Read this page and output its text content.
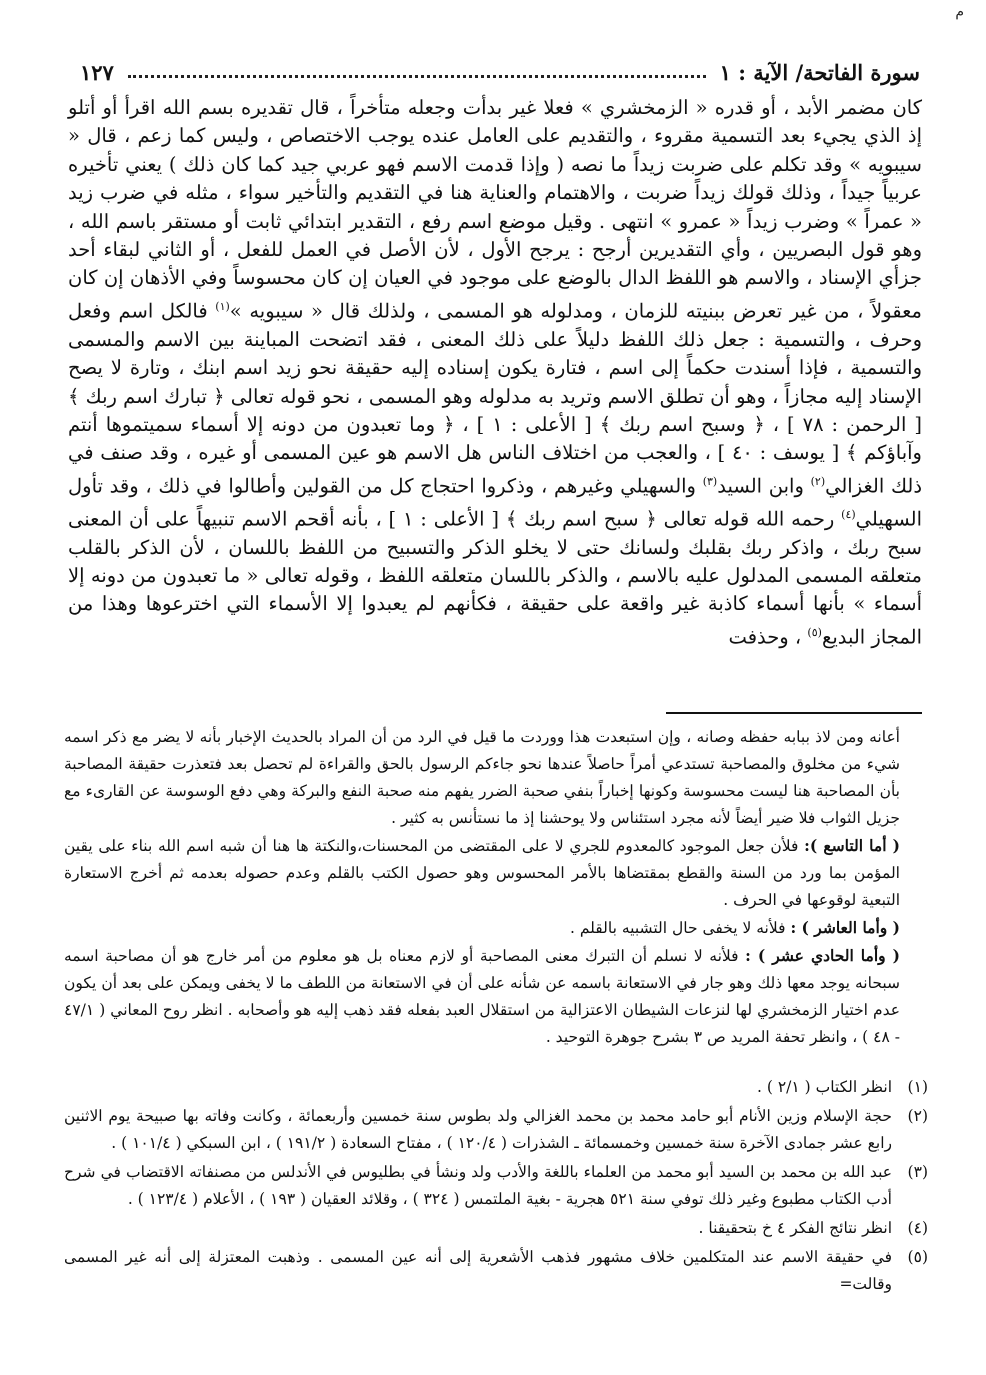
م
سورة الفاتحة/ الآية : ١
١٢٧

كان مضمر الأبد ، أو قدره « الزمخشري » فعلا غير بدأت وجعله متأخراً ، قال تقديره بسم الله اقرأ أو أتلو إذ الذي يجيء بعد التسمية مقروء ، والتقديم على العامل عنده يوجب الاختصاص ، وليس كما زعم ، قال « سيبويه » وقد تكلم على ضربت زيداً ما نصه ( وإذا قدمت الاسم فهو عربي جيد كما كان ذلك ) يعني تأخيره عربياً جيداً ، وذلك قولك زيداً ضربت ، والاهتمام والعناية هنا في التقديم والتأخير سواء ، مثله في ضرب زيد « عمراً » وضرب زيداً « عمرو » انتهى . وقيل موضع اسم رفع ، التقدير ابتدائي ثابت أو مستقر باسم الله ، وهو قول البصريين ، وأي التقديرين أرجح : يرجح الأول ، لأن الأصل في العمل للفعل ، أو الثاني لبقاء أحد جزأي الإسناد ، والاسم هو اللفظ الدال بالوضع على موجود في العيان إن كان محسوساً وفي الأذهان إن كان معقولاً ، من غير تعرض ببنيته للزمان ، ومدلوله هو المسمى ، ولذلك قال « سيبويه »$^{(١)}$ فالكل اسم وفعل وحرف ، والتسمية : جعل ذلك اللفظ دليلاً على ذلك المعنى ، فقد اتضحت المباينة بين الاسم والمسمى والتسمية ، فإذا أسندت حكماً إلى اسم ، فتارة يكون إسناده إليه حقيقة نحو زيد اسم ابنك ، وتارة لا يصح الإسناد إليه مجازاً ، وهو أن تطلق الاسم وتريد به مدلوله وهو المسمى ، نحو قوله تعالى ﴿ تبارك اسم ربك ﴾ [ الرحمن : ٧٨ ] ، ﴿ وسبح اسم ربك ﴾ [ الأعلى : ١ ] ، ﴿ وما تعبدون من دونه إلا أسماء سميتموها أنتم وآباؤكم ﴾ [ يوسف : ٤٠ ] ، والعجب من اختلاف الناس هل الاسم هو عين المسمى أو غيره ، وقد صنف في ذلك الغزالي$^{(٢)}$ وابن السيد$^{(٣)}$ والسهيلي وغيرهم ، وذكروا احتجاج كل من القولين وأطالوا في ذلك ، وقد تأول السهيلي$^{(٤)}$ رحمه الله قوله تعالى ﴿ سبح اسم ربك ﴾ [ الأعلى : ١ ] ، بأنه أقحم الاسم تنبيهاً على أن المعنى سبح ربك ، واذكر ربك بقلبك ولسانك حتى لا يخلو الذكر والتسبيح من اللفظ باللسان ، لأن الذكر بالقلب متعلقه المسمى المدلول عليه بالاسم ، والذكر باللسان متعلقه اللفظ ، وقوله تعالى « ما تعبدون من دونه إلا أسماء » بأنها أسماء كاذبة غير واقعة على حقيقة ، فكأنهم لم يعبدوا إلا الأسماء التي اخترعوها وهذا من المجاز البديع$^{(٥)}$ ، وحذفت

أعانه ومن لاذ ببابه حفظه وصانه ، وإن استبعدت هذا ووردت ما قيل في الرد من أن المراد بالحديث الإخبار بأنه لا يضر مع ذكر اسمه شيء من مخلوق والمصاحبة تستدعي أمراً حاصلاً عندها نحو جاءكم الرسول بالحق والقراءة لم تحصل بعد فتعذرت حقيقة المصاحبة بأن المصاحبة هنا ليست محسوسة وكونها إخباراً بنفي صحبة الضرر يفهم منه صحبة النفع والبركة وهي دفع الوسوسة عن القارىء مع جزيل الثواب فلا ضير أيضاً لأنه مجرد استئناس ولا يوحشنا إذ ما نستأنس به كثير .

( أما التاسع ): فلأن جعل الموجود كالمعدوم للجري لا على المقتضى من المحسنات،والنكتة ها هنا أن شبه اسم الله بناء على يقين المؤمن بما ورد من السنة والقطع بمقتضاها بالأمر المحسوس وهو حصول الكتب بالقلم وعدم حصوله بعدمه ثم أخرج الاستعارة التبعية لوقوعها في الحرف .

( وأما العاشر ) : فلأنه لا يخفى حال التشبيه بالقلم .

( وأما الحادي عشر ) : فلأنه لا نسلم أن التبرك معنى المصاحبة أو لازم معناه بل هو معلوم من أمر خارج هو أن مصاحبة اسمه سبحانه يوجد معها ذلك وهو جار في الاستعانة باسمه عن شأنه على أن في الاستعانة من اللطف ما لا يخفى ويمكن على بعد أن يكون عدم اختيار الزمخشري لها لنزعات الشيطان الاعتزالية من استقلال العبد بفعله فقد ذهب إليه هو وأصحابه . انظر روح المعاني ( ٤٧/١ - ٤٨ ) ، وانظر تحفة المريد ص ٣ بشرح جوهرة التوحيد .

(١)
انظر الكتاب ( ٢/١ ) .
(٢)
حجة الإسلام وزين الأنام أبو حامد محمد بن محمد الغزالي ولد بطوس سنة خمسين وأربعمائة ، وكانت وفاته بها صبيحة يوم الاثنين رابع عشر جمادى الآخرة سنة خمسين وخمسمائة ـ الشذرات ( ١٢٠/٤ ) ، مفتاح السعادة ( ١٩١/٢ ) ، ابن السبكي ( ١٠١/٤ ) .
(٣)
عبد الله بن محمد بن السيد أبو محمد من العلماء باللغة والأدب ولد ونشأ في بطليوس في الأندلس من مصنفاته الاقتضاب في شرح أدب الكتاب مطبوع وغير ذلك توفي سنة ٥٢١ هجرية - بغية الملتمس ( ٣٢٤ ) ، وقلائد العقيان ( ١٩٣ ) ، الأعلام ( ١٢٣/٤ ) .
(٤)
انظر نتائج الفكر ٤ خ بتحقيقنا .
(٥)
في حقيقة الاسم عند المتكلمين خلاف مشهور فذهب الأشعرية إلى أنه عين المسمى . وذهبت المعتزلة إلى أنه غير المسمى وقالت=
